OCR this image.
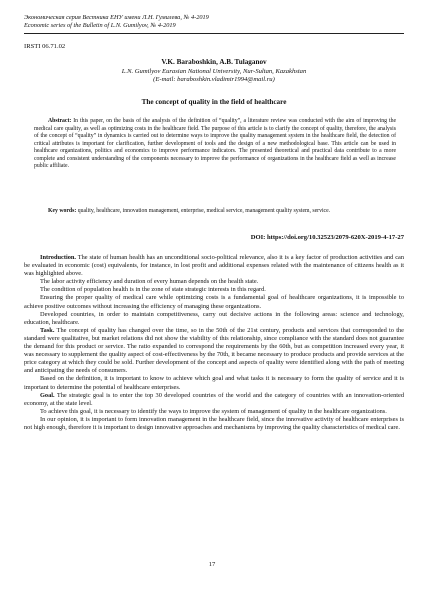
Экономическая серия Вестника ЕНУ имени Л.Н. Гумилева, № 4-2019
Economic series of the Bulletin of L.N. Gumilyov, № 4-2019
IRSTI 06.71.02
V.K. Baraboshkin, A.B. Tulaganov
L.N. Gumilyov Eurasian National University, Nur-Sultan, Kazakhstan
(E-mail: baraboshkin.vladimir1994@mail.ru)
The concept of quality in the field of healthcare
Abstract: In this paper, on the basis of the analysis of the definition of “quality”, a literature review was conducted with the aim of improving the medical care quality, as well as optimizing costs in the healthcare field. The purpose of this article is to clarify the concept of quality, therefore, the analysis of the concept of “quality” in dynamics is carried out to determine ways to improve the quality management system in the healthcare field, the detection of critical attributes is important for clarification, further development of tools and the design of a new methodological base. This article can be used in healthcare organizations, politics and economics to improve performance indicators. The presented theoretical and practical data contribute to a more complete and consistent understanding of the components necessary to improve the performance of organizations in the healthcare field as well as increase public affiliate.
Key words: quality, healthcare, innovation management, enterprise, medical service, management quality system, service.
DOI: https://doi.org/10.32523/2079-620X-2019-4-17-27

Introduction. The state of human health has an unconditional socio-political relevance, also it is a key factor of production activities and can be evaluated in economic (cost) equivalents, for instance, in lost profit and additional expenses related with the maintenance of citizens health as it was highlighted above.

The labor activity efficiency and duration of every human depends on the health state.

The condition of population health is in the zone of state strategic interests in this regard.

Ensuring the proper quality of medical care while optimizing costs is a fundamental goal of healthcare organizations, it is impossible to achieve positive outcomes without increasing the efficiency of managing these organizations.

Developed countries, in order to maintain competitiveness, carry out decisive actions in the following areas: science and technology, education, healthcare.

Task. The concept of quality has changed over the time, so in the 50th of the 21st century, products and services that corresponded to the standard were qualitative, but market relations did not show the viability of this relationship, since compliance with the standard does not guarantee the demand for this product or service. The ratio expanded to correspond the requirements by the 60th, but as competition increased every year, it was necessary to supplement the quality aspect of cost-effectiveness by the 70th, it became necessary to produce products and provide services at the price category at which they could be sold. Further development of the concept and aspects of quality were identified along with the path of meeting and anticipating the needs of consumers.

Based on the definition, it is important to know to achieve which goal and what tasks it is necessary to form the quality of service and it is important to determine the potential of healthcare enterprises.

Goal. The strategic goal is to enter the top 30 developed countries of the world and the category of countries with an innovation-oriented economy, at the state level.

To achieve this goal, it is necessary to identify the ways to improve the system of management of quality in the healthcare organizations.

In our opinion, it is important to form innovation management in the healthcare field, since the innovative activity of healthcare enterprises is not high enough, therefore it is important to design innovative approaches and mechanisms by improving the quality characteristics of medical care.

17
